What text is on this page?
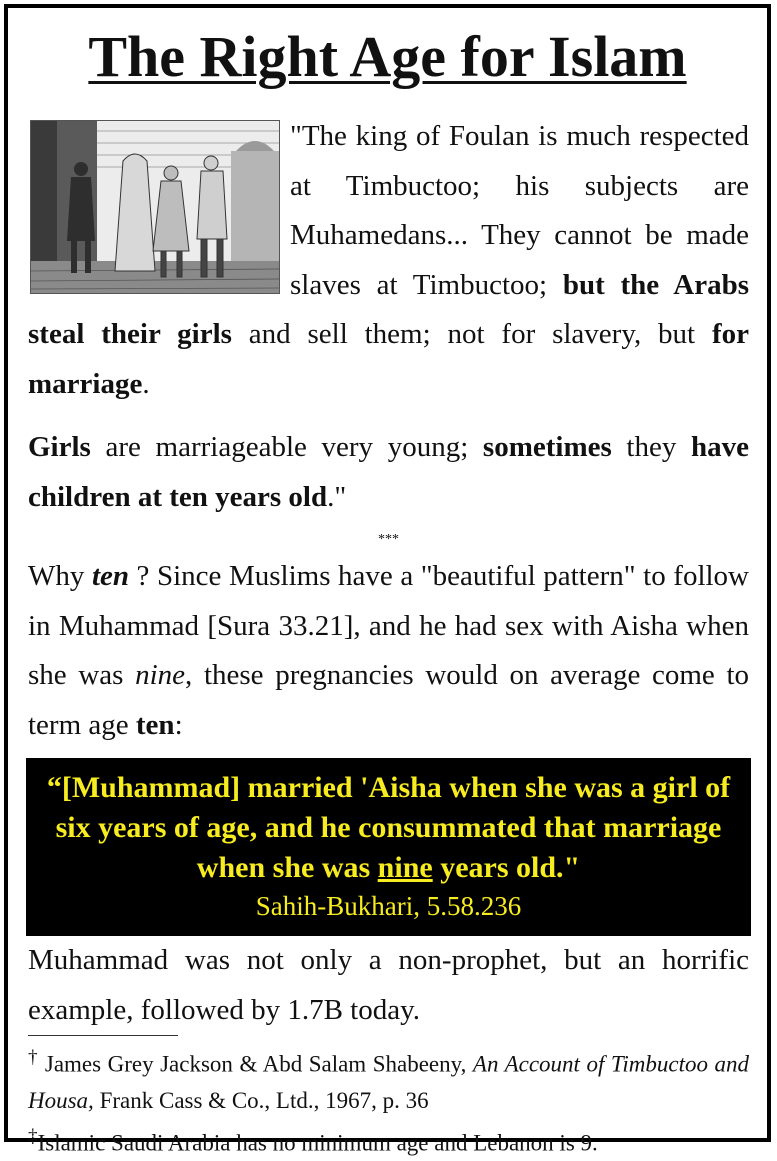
The Right Age for Islam

"The king of Foulan is much respected at Timbuctoo; his subjects are Muhamedans... They cannot be made slaves at Timbuctoo; but the Arabs steal their girls and sell them; not for slavery, but for marriage.

Girls are marriageable very young; sometimes they have children at ten years old."

***

Why ten ? Since Muslims have a "beautiful pattern" to follow in Muhammad [Sura 33.21], and he had sex with Aisha when she was nine, these pregnancies would on average come to term age ten:

“[Muhammad] married 'Aisha when she was a girl of six years of age, and he consummated that marriage when she was nine years old."
Sahih-Bukhari, 5.58.236

Muhammad was not only a non-prophet, but an horrific example, followed by 1.7B today.

† James Grey Jackson & Abd Salam Shabeeny, An Account of Timbuctoo and Housa, Frank Cass & Co., Ltd., 1967, p. 36

‡Islamic Saudi Arabia has no minimum age and Lebanon is 9.
